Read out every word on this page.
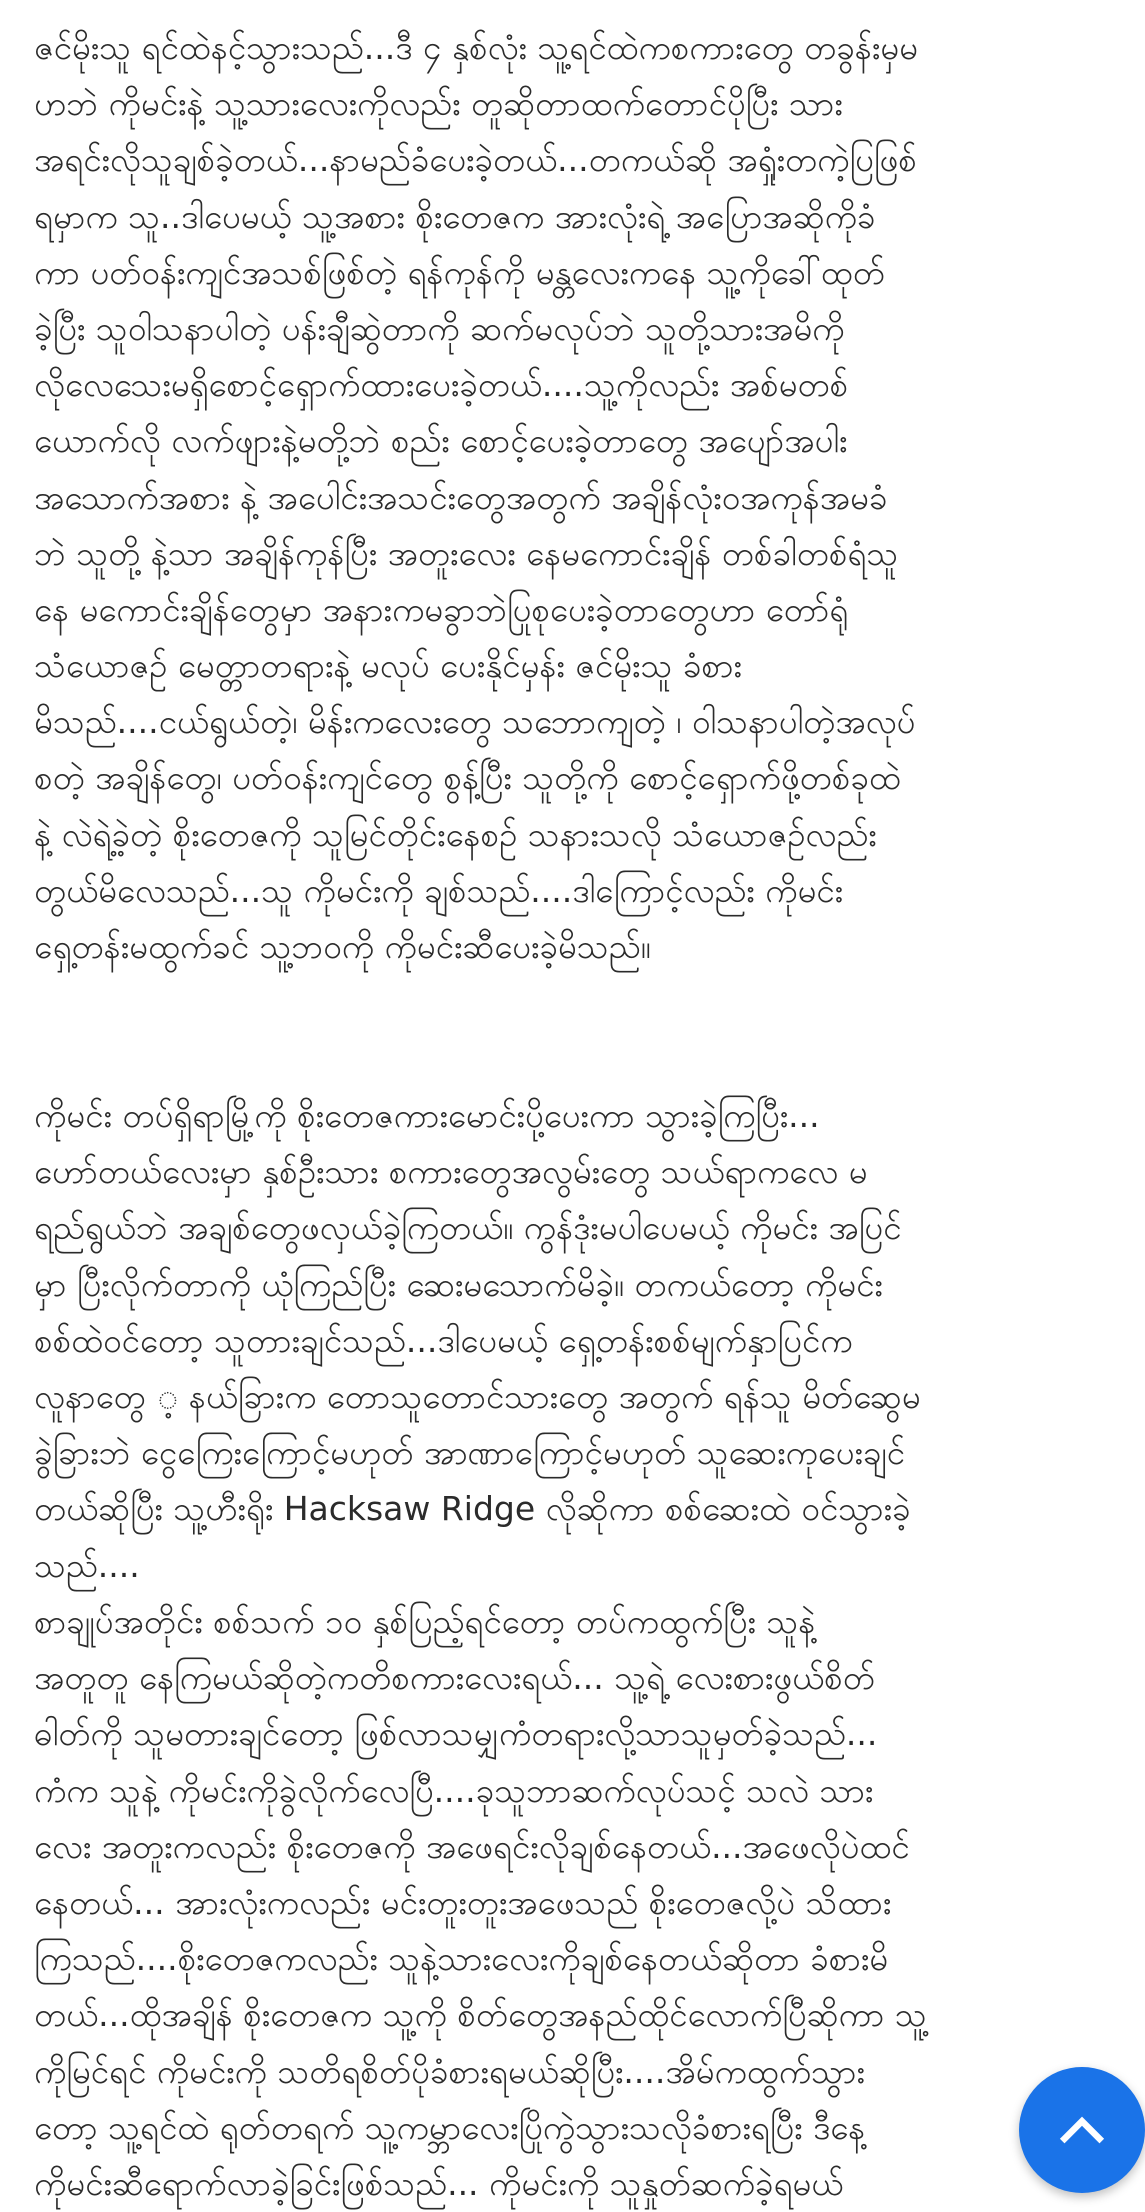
ဇင်မိုးသူ ရင်ထဲနင့်သွားသည်...ဒီ ၄ နှစ်လုံး သူ့ရင်ထဲကစကားတွေ တခွန်းမှမ
ဟဘဲ ကိုမင်းနဲ့ သူ့သားလေးကိုလည်း တူဆိုတာထက်တောင်ပိုပြီး သား
အရင်းလိုသူချစ်ခဲ့တယ်...နာမည်ခံပေးခဲ့တယ်...တကယ်ဆို အရှုံးတကဲ့ပြဖြစ်
ရမှာက သူ..ဒါပေမယ့် သူ့အစား စိုးတေဇက အားလုံးရဲ့ အပြောအဆိုကိုခံ
ကာ ပတ်ဝန်းကျင်အသစ်ဖြစ်တဲ့ ရန်ကုန်ကို မန္တလေးကနေ သူ့ကိုခေါ်ထုတ်
ခဲ့ပြီး သူဝါသနာပါတဲ့ ပန်းချီဆွဲတာကို ဆက်မလုပ်ဘဲ သူတို့သားအမိကို
လိုလေသေးမရှိစောင့်ရှောက်ထားပေးခဲ့တယ်....သူ့ကိုလည်း အစ်မတစ်
ယောက်လို လက်ဖျားနဲ့မတို့ဘဲ စည်း စောင့်ပေးခဲ့တာတွေ အပျော်အပါး
အသောက်အစား နဲ့ အပေါင်းအသင်းတွေအတွက် အချိန်လုံးဝအကုန်အမခံ
ဘဲ သူတို့ နဲ့သာ အချိန်ကုန်ပြီး အတူးလေး နေမကောင်းချိန် တစ်ခါတစ်ရံသူ
နေ မကောင်းချိန်တွေမှာ အနားကမခွာဘဲပြုစုပေးခဲ့တာတွေဟာ တော်ရုံ
သံယောဇဉ် မေတ္တာတရားနဲ့ မလုပ် ပေးနိုင်မှန်း ဇင်မိုးသူ ခံစား
မိသည်....ငယ်ရွယ်တဲ့၊ မိန်းကလေးတွေ သဘောကျတဲ့ ၊ ဝါသနာပါတဲ့အလုပ်
စတဲ့ အချိန်တွေ၊ ပတ်ဝန်းကျင်တွေ စွန့်ပြီး သူတို့ကို စောင့်ရှောက်ဖို့တစ်ခုထဲ
နဲ့ လဲရဲ့ခဲ့တဲ့ စိုးတေဇကို သူမြင်တိုင်းနေစဉ် သနားသလို သံယောဇဉ်လည်း
တွယ်မိလေသည်...သူ ကိုမင်းကို ချစ်သည်....ဒါကြောင့်လည်း ကိုမင်း
ရှေ့တန်းမထွက်ခင် သူ့ဘဝကို ကိုမင်းဆီပေးခဲ့မိသည်။
ကိုမင်း တပ်ရှိရာမြို့ကို စိုးတေဇကားမောင်းပို့ပေးကာ သွားခဲ့ကြပြီး...
ဟော်တယ်လေးမှာ နှစ်ဦးသား စကားတွေအလွမ်းတွေ သယ်ရာကလေ မ
ရည်ရွယ်ဘဲ အချစ်တွေဖလှယ်ခဲ့ကြတယ်။ ကွန်ဒုံးမပါပေမယ့် ကိုမင်း အပြင်
မှာ ပြီးလိုက်တာကို ယုံကြည်ပြီး ဆေးမသောက်မိခဲ့။ တကယ်တော့ ကိုမင်း
စစ်ထဲဝင်တော့ သူတားချင်သည်...ဒါပေမယ့် ရှေ့တန်းစစ်မျက်နှာပြင်က
လူနာတွေ ့ နယ်ခြားက တောသူတောင်သားတွေ အတွက် ရန်သူ မိတ်ဆွေမ
ခွဲခြားဘဲ ငွေကြေးကြောင့်မဟုတ် အာဏာကြောင့်မဟုတ် သူဆေးကုပေးချင်
တယ်ဆိုပြီး သူ့ဟီးရိုး Hacksaw Ridge လိုဆိုကာ စစ်ဆေးထဲ ဝင်သွားခဲ့
သည်....
စာချုပ်အတိုင်း စစ်သက် ၁၀ နှစ်ပြည့်ရင်တော့ တပ်ကထွက်ပြီး သူနဲ့
အတူတူ နေကြမယ်ဆိုတဲ့ကတိစကားလေးရယ်... သူ့ရဲ့ လေးစားဖွယ်စိတ်
ဓါတ်ကို သူမတားချင်တော့ ဖြစ်လာသမျှကံတရားလို့သာသူမှတ်ခဲ့သည်...
ကံက သူနဲ့ ကိုမင်းကိုခွဲလိုက်လေပြီ....ခုသူဘာဆက်လုပ်သင့် သလဲ သား
လေး အတူးကလည်း စိုးတေဇကို အဖေရင်းလိုချစ်နေတယ်...အဖေလိုပဲထင်
နေတယ်... အားလုံးကလည်း မင်းတူးတူးအဖေသည် စိုးတေဇလို့ပဲ သိထား
ကြသည်....စိုးတေဇကလည်း သူနဲ့သားလေးကိုချစ်နေတယ်ဆိုတာ ခံစားမိ
တယ်...ထိုအချိန် စိုးတေဇက သူ့ကို စိတ်တွေအနည်ထိုင်လောက်ပြီဆိုကာ သူ့
ကိုမြင်ရင် ကိုမင်းကို သတိရစိတ်ပိုခံစားရမယ်ဆိုပြီး....အိမ်ကထွက်သွား
တော့ သူ့ရင်ထဲ ရုတ်တရက် သူ့ကမ္ဘာလေးပြိုကွဲသွားသလိုခံစားရပြီး ဒီနေ့
ကိုမင်းဆီရောက်လာခဲ့ခြင်းဖြစ်သည်... ကိုမင်းကို သူနှုတ်ဆက်ခဲ့ရမယ်
